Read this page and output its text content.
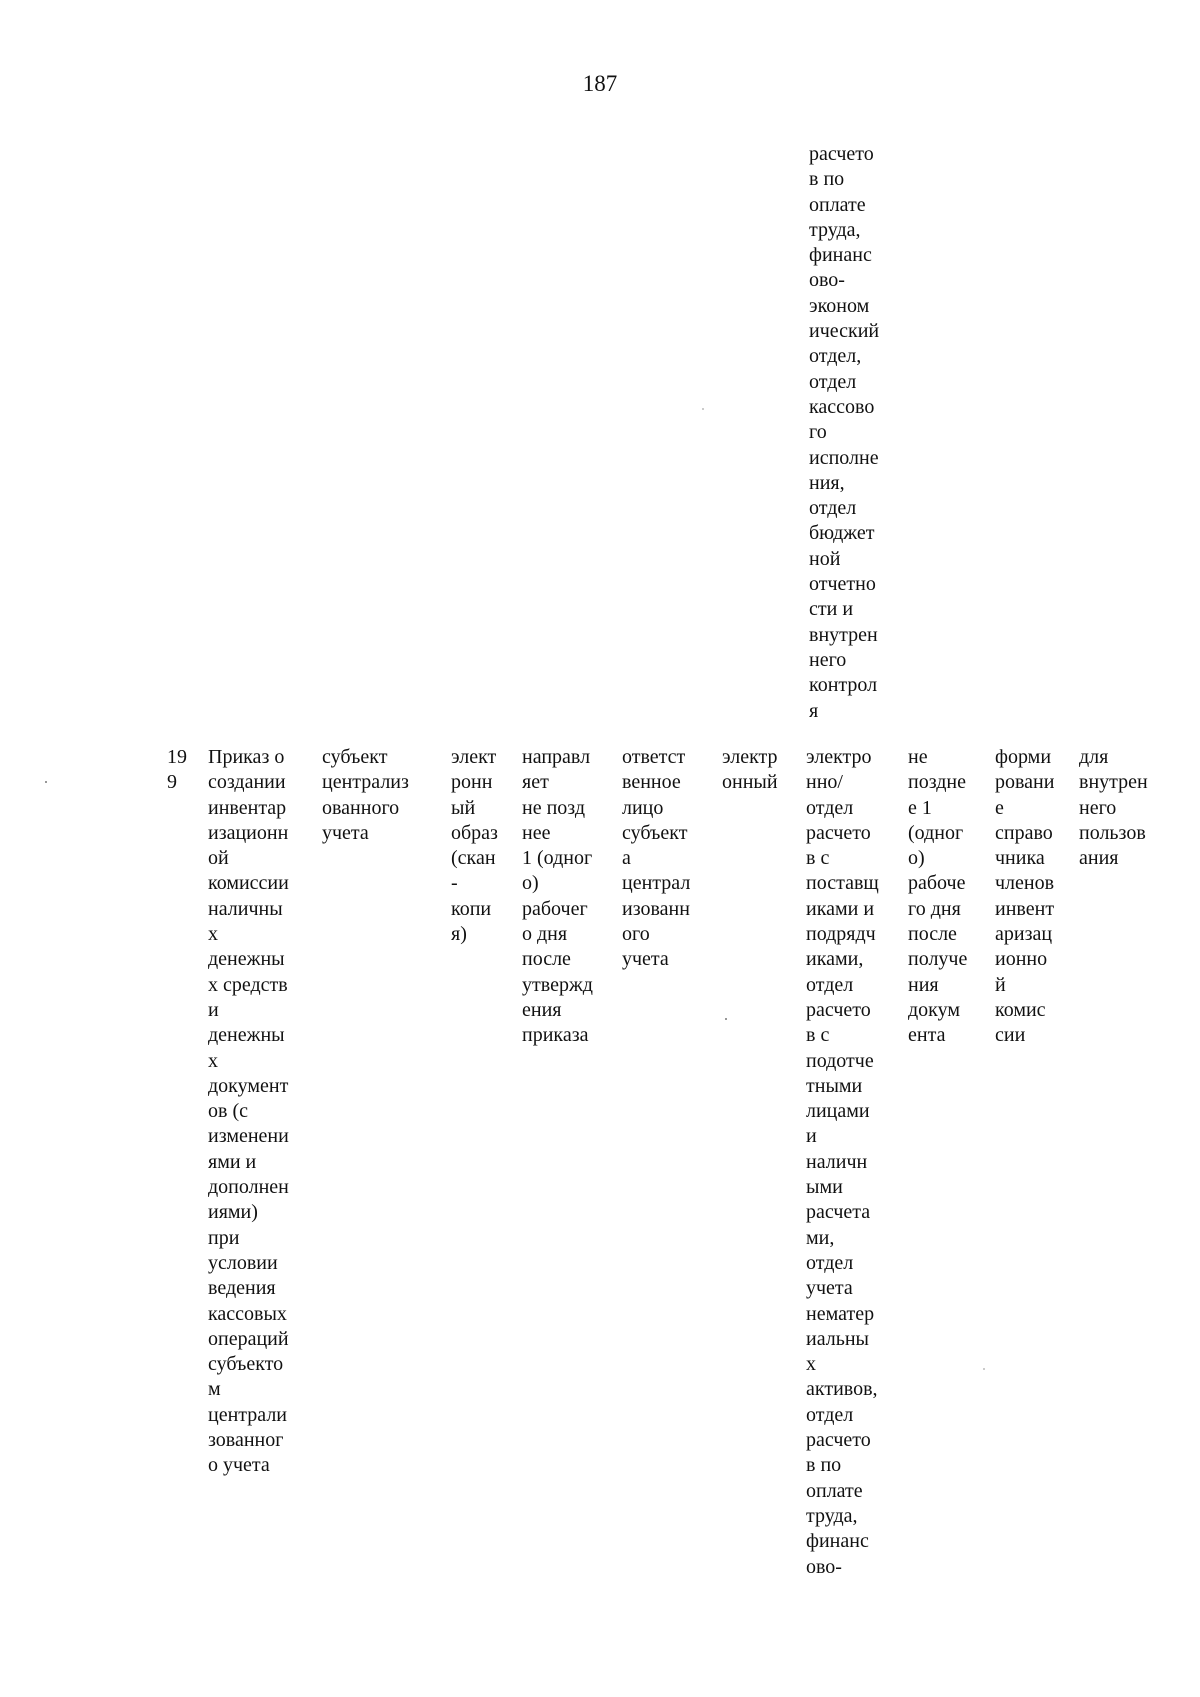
187
расчето
в по
оплате
труда,
финанс
ово-
эконом
ический
отдел,
отдел
кассово
го
исполне
ния,
отдел
бюджет
ной
отчетно
сти и
внутрен
него
контрол
я
19
9
Приказ о
создании
инвентар
изационн
ой
комиссии
наличны
х
денежны
х средств
и
денежны
х
документ
ов (с
изменени
ями и
дополнен
иями)
при
условии
ведения
кассовых
операций
субъекто
м
централи
зованног
о учета
субъект
централиз
ованного
учета
элект
ронн
ый
образ
(скан
-
копи
я)
направл
яет
не позд
нее
1 (одног
о)
рабочег
о дня
после
утвержд
ения
приказа
ответст
венное
лицо
субъект
а
централ
изованн
ого
учета
электр
онный
электро
нно/
отдел
расчето
в с
поставщ
иками и
подрядч
иками,
отдел
расчето
в с
подотче
тными
лицами
и
наличн
ыми
расчета
ми,
отдел
учета
нематер
иальны
х
активов,
отдел
расчето
в по
оплате
труда,
финанс
ово-
не
поздне
е 1
(одног
о)
рабоче
го дня
после
получе
ния
докум
ента
форми
ровани
е
справо
чника
членов
инвент
аризац
ионно
й
комис
сии
для
внутрен
него
пользов
ания
